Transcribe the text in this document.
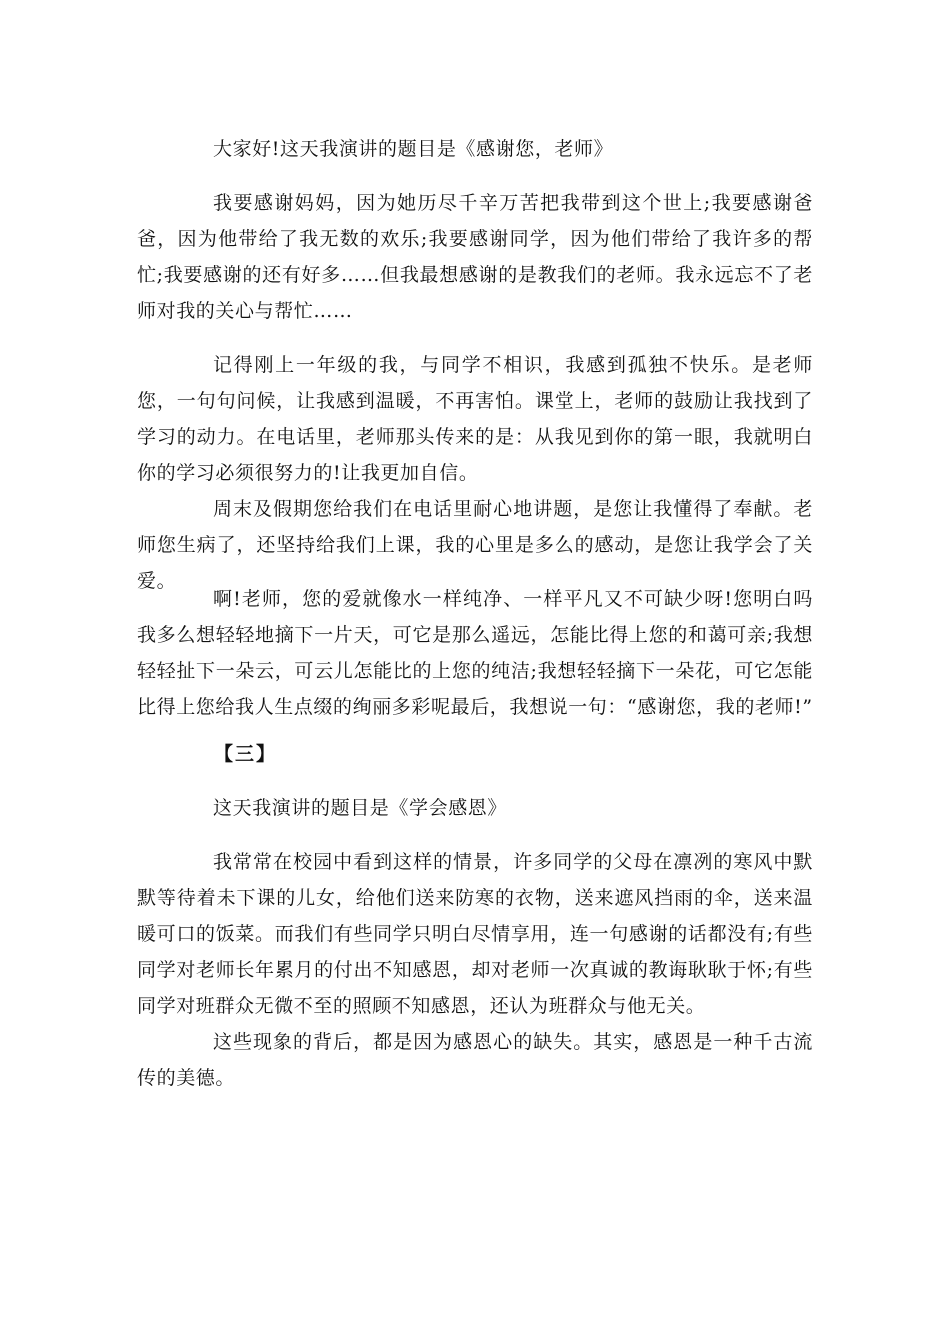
大家好!这天我演讲的题目是《感谢您，老师》

我要感谢妈妈，因为她历尽千辛万苦把我带到这个世上;我要感谢爸爸，因为他带给了我无数的欢乐;我要感谢同学，因为他们带给了我许多的帮忙;我要感谢的还有好多……但我最想感谢的是教我们的老师。我永远忘不了老师对我的关心与帮忙……

记得刚上一年级的我，与同学不相识，我感到孤独不快乐。是老师您，一句句问候，让我感到温暖，不再害怕。课堂上，老师的鼓励让我找到了学习的动力。在电话里，老师那头传来的是：从我见到你的第一眼，我就明白你的学习必须很努力的!让我更加自信。

周末及假期您给我们在电话里耐心地讲题，是您让我懂得了奉献。老师您生病了，还坚持给我们上课，我的心里是多么的感动，是您让我学会了关爱。

啊!老师，您的爱就像水一样纯净、一样平凡又不可缺少呀!您明白吗我多么想轻轻地摘下一片天，可它是那么遥远，怎能比得上您的和蔼可亲;我想轻轻扯下一朵云，可云儿怎能比的上您的纯洁;我想轻轻摘下一朵花，可它怎能比得上您给我人生点缀的绚丽多彩呢最后，我想说一句：“感谢您，我的老师!”

【三】

这天我演讲的题目是《学会感恩》

我常常在校园中看到这样的情景，许多同学的父母在凛冽的寒风中默默等待着未下课的儿女，给他们送来防寒的衣物，送来遮风挡雨的伞，送来温暖可口的饭菜。而我们有些同学只明白尽情享用，连一句感谢的话都没有;有些同学对老师长年累月的付出不知感恩，却对老师一次真诚的教诲耿耿于怀;有些同学对班群众无微不至的照顾不知感恩，还认为班群众与他无关。

这些现象的背后，都是因为感恩心的缺失。其实，感恩是一种千古流传的美德。
